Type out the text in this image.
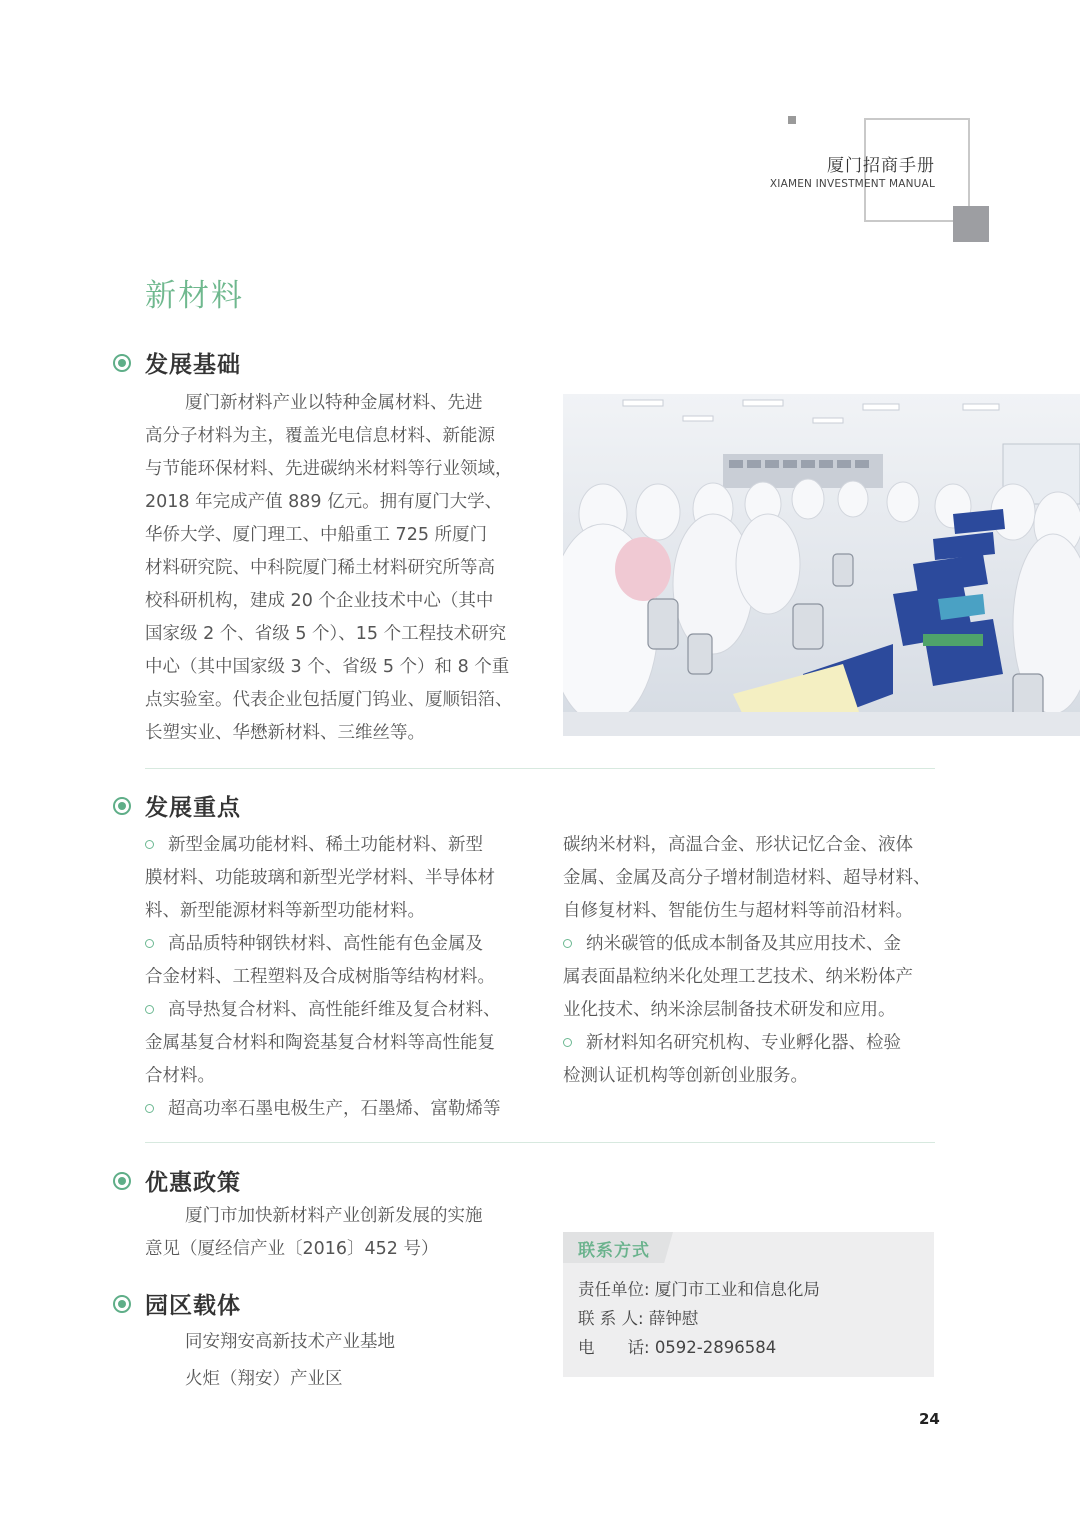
厦门招商手册
XIAMEN INVESTMENT MANUAL
新材料
发展基础

厦门新材料产业以特种金属材料、先进

高分子材料为主，覆盖光电信息材料、新能源

与节能环保材料、先进碳纳米材料等行业领域，

2018 年完成产值 889 亿元。拥有厦门大学、

华侨大学、厦门理工、中船重工 725 所厦门

材料研究院、中科院厦门稀土材料研究所等高

校科研机构，建成 20 个企业技术中心（其中

国家级 2 个、省级 5 个）、15 个工程技术研究

中心（其中国家级 3 个、省级 5 个）和 8 个重

点实验室。代表企业包括厦门钨业、厦顺铝箔、

长塑实业、华懋新材料、三维丝等。

发展重点

新型金属功能材料、稀土功能材料、新型

膜材料、功能玻璃和新型光学材料、半导体材

料、新型能源材料等新型功能材料。

高品质特种钢铁材料、高性能有色金属及

合金材料、工程塑料及合成树脂等结构材料。

高导热复合材料、高性能纤维及复合材料、

金属基复合材料和陶瓷基复合材料等高性能复

合材料。

超高功率石墨电极生产，石墨烯、富勒烯等

碳纳米材料，高温合金、形状记忆合金、液体

金属、金属及高分子增材制造材料、超导材料、

自修复材料、智能仿生与超材料等前沿材料。

纳米碳管的低成本制备及其应用技术、金

属表面晶粒纳米化处理工艺技术、纳米粉体产

业化技术、纳米涂层制备技术研发和应用。

新材料知名研究机构、专业孵化器、检验

检测认证机构等创新创业服务。

优惠政策

厦门市加快新材料产业创新发展的实施

意见（厦经信产业〔2016〕452 号）

园区载体

同安翔安高新技术产业基地

火炬（翔安）产业区

联系方式
责任单位: 厦门市工业和信息化局
联 系 人: 薛钟慰
电　　话: 0592-2896584
24
